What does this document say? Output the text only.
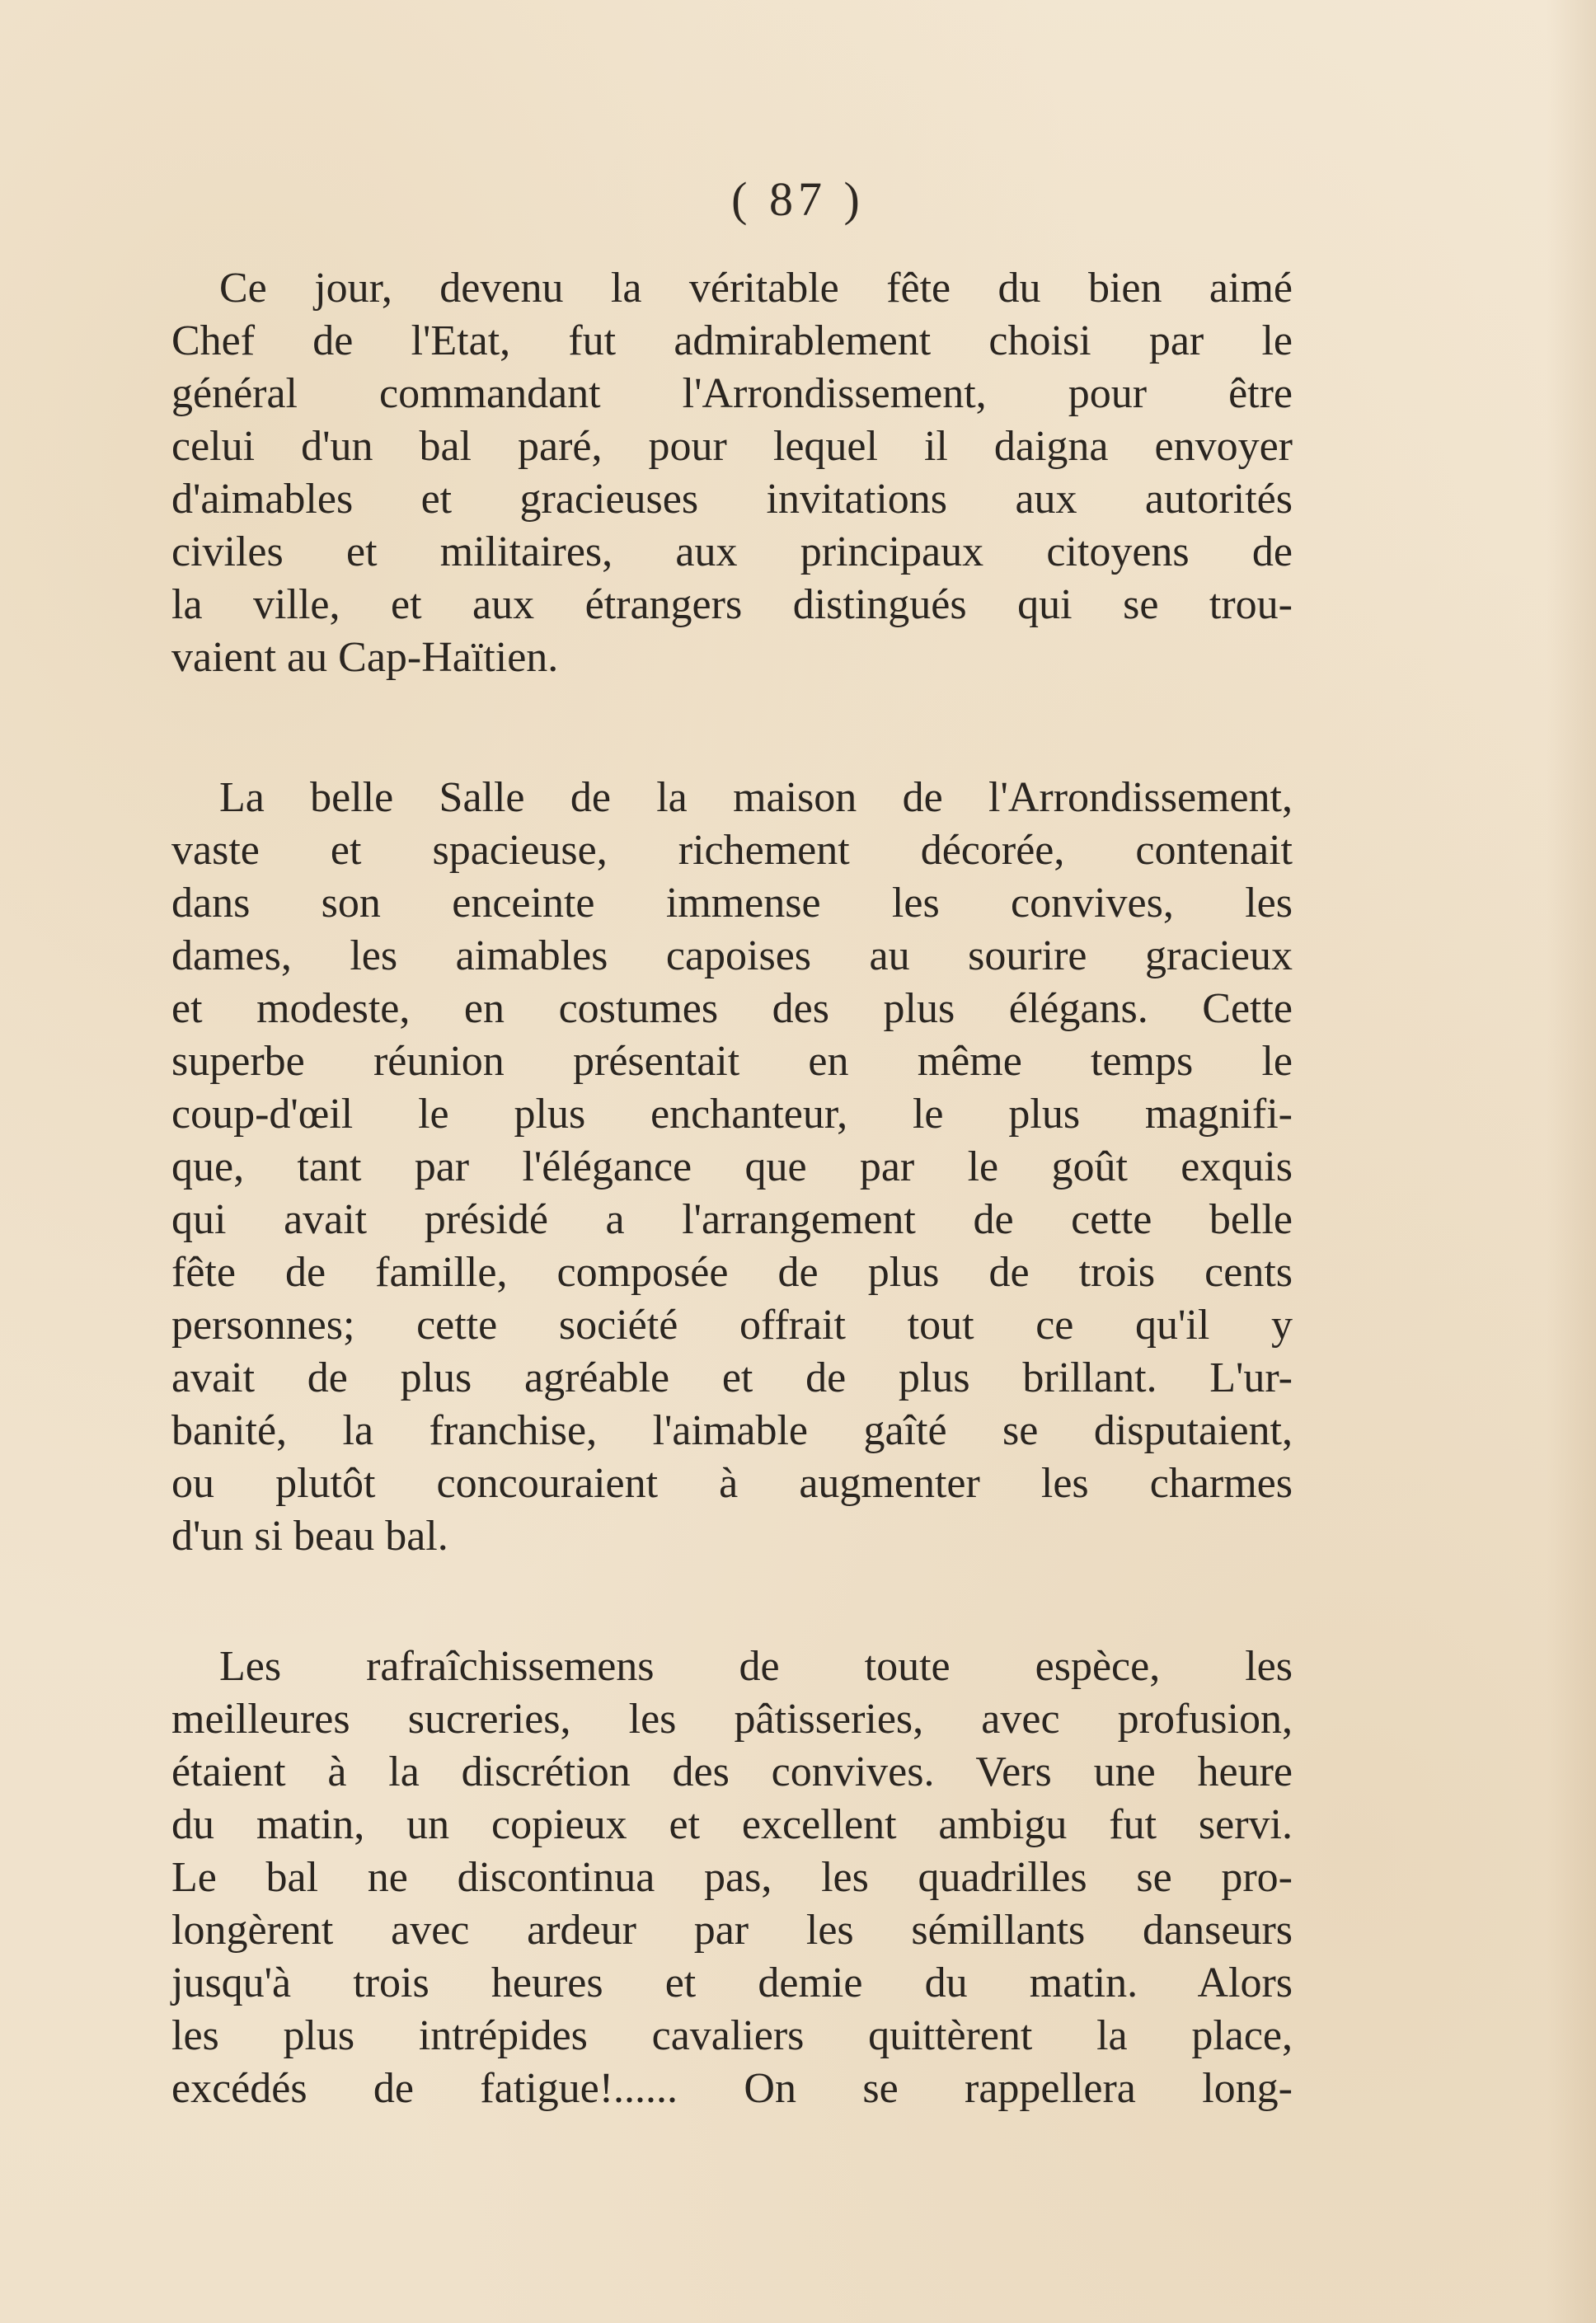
( 87 )
Ce jour, devenu la véritable fête du bien aimé
Chef de l'Etat, fut admirablement choisi par le
général commandant l'Arrondissement, pour être
celui d'un bal paré, pour lequel il daigna envoyer
d'aimables et gracieuses invitations aux autorités
civiles et militaires, aux principaux citoyens de
la ville, et aux étrangers distingués qui se trou-
vaient au Cap-Haïtien.
La belle Salle de la maison de l'Arrondissement,
vaste et spacieuse, richement décorée, contenait
dans son enceinte immense les convives, les
dames, les aimables capoises au sourire gracieux
et modeste, en costumes des plus élégans. Cette
superbe réunion présentait en même temps le
coup-d'œil le plus enchanteur, le plus magnifi-
que, tant par l'élégance que par le goût exquis
qui avait présidé a l'arrangement de cette belle
fête de famille, composée de plus de trois cents
personnes; cette société offrait tout ce qu'il y
avait de plus agréable et de plus brillant. L'ur-
banité, la franchise, l'aimable gaîté se disputaient,
ou plutôt concouraient à augmenter les charmes
d'un si beau bal.
Les rafraîchissemens de toute espèce, les
meilleures sucreries, les pâtisseries, avec profusion,
étaient à la discrétion des convives. Vers une heure
du matin, un copieux et excellent ambigu fut servi.
Le bal ne discontinua pas, les quadrilles se pro-
longèrent avec ardeur par les sémillants danseurs
jusqu'à trois heures et demie du matin. Alors
les plus intrépides cavaliers quittèrent la place,
excédés de fatigue!...... On se rappellera long-
